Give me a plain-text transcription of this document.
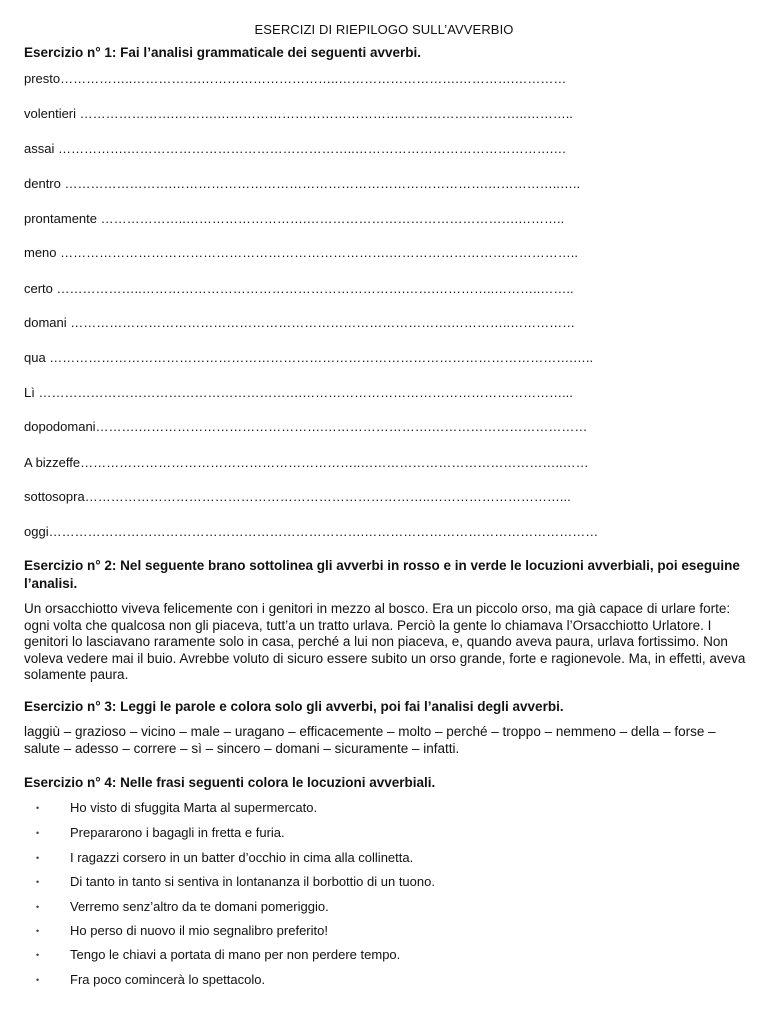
ESERCIZI DI RIEPILOGO SULL’AVVERBIO
Esercizio n° 1: Fai l’analisi grammaticale dei seguenti avverbi.
presto……………..…………….…………………………..……………………….………….…………
volentieri ………………….……….…………………………………….………………………..………..
assai …………….……………………………………………..……………………………………….…
dentro …………………….……………………………………………………………….……………..…..
prontamente ………………..……………………….………………………………………….………..
meno ………………………………………………………………….……………………………………..
certo ………………..…………………………………………………….…….…………..………..……..
domani …………………………………………………………………………….…………..……………
qua ………………………………………………………………………………………………………….…..
Lì …………………………………………………….……………………………………………………...
dopodomani……….…………………………………….…………………….………………………………
A bizzeffe………………………………………………………..………………………………………..……
sottosopra……………………………………………………………………..…………………………...
oggi……………………………………………………………….………………………………………………
Esercizio n° 2: Nel seguente brano sottolinea gli avverbi in rosso e in verde le locuzioni avverbiali, poi eseguine l’analisi.
Un orsacchiotto viveva felicemente con i genitori in mezzo al bosco. Era un piccolo orso, ma già capace di urlare forte: ogni volta che qualcosa non gli piaceva, tutt’a un tratto urlava. Perciò la gente lo chiamava l’Orsacchiotto Urlatore. I genitori lo lasciavano raramente solo in casa, perché a lui non piaceva, e, quando aveva paura, urlava fortissimo. Non voleva vedere mai il buio. Avrebbe voluto di sicuro essere subito un orso grande, forte e ragionevole. Ma, in effetti, aveva solamente paura.
Esercizio n° 3: Leggi le parole e colora solo gli avverbi, poi fai l’analisi degli avverbi.
laggiù – grazioso – vicino – male – uragano – efficacemente – molto – perché – troppo – nemmeno – della – forse – salute – adesso – correre – sì – sincero – domani – sicuramente – infatti.
Esercizio n° 4: Nelle frasi seguenti colora le locuzioni avverbiali.
• Ho visto di sfuggita Marta al supermercato.
• Prepararono i bagagli in fretta e furia.
• I ragazzi corsero in un batter d’occhio in cima alla collinetta.
• Di tanto in tanto si sentiva in lontananza il borbottio di un tuono.
• Verremo senz’altro da te domani pomeriggio.
• Ho perso di nuovo il mio segnalibro preferito!
• Tengo le chiavi a portata di mano per non perdere tempo.
• Fra poco comincerà lo spettacolo.
